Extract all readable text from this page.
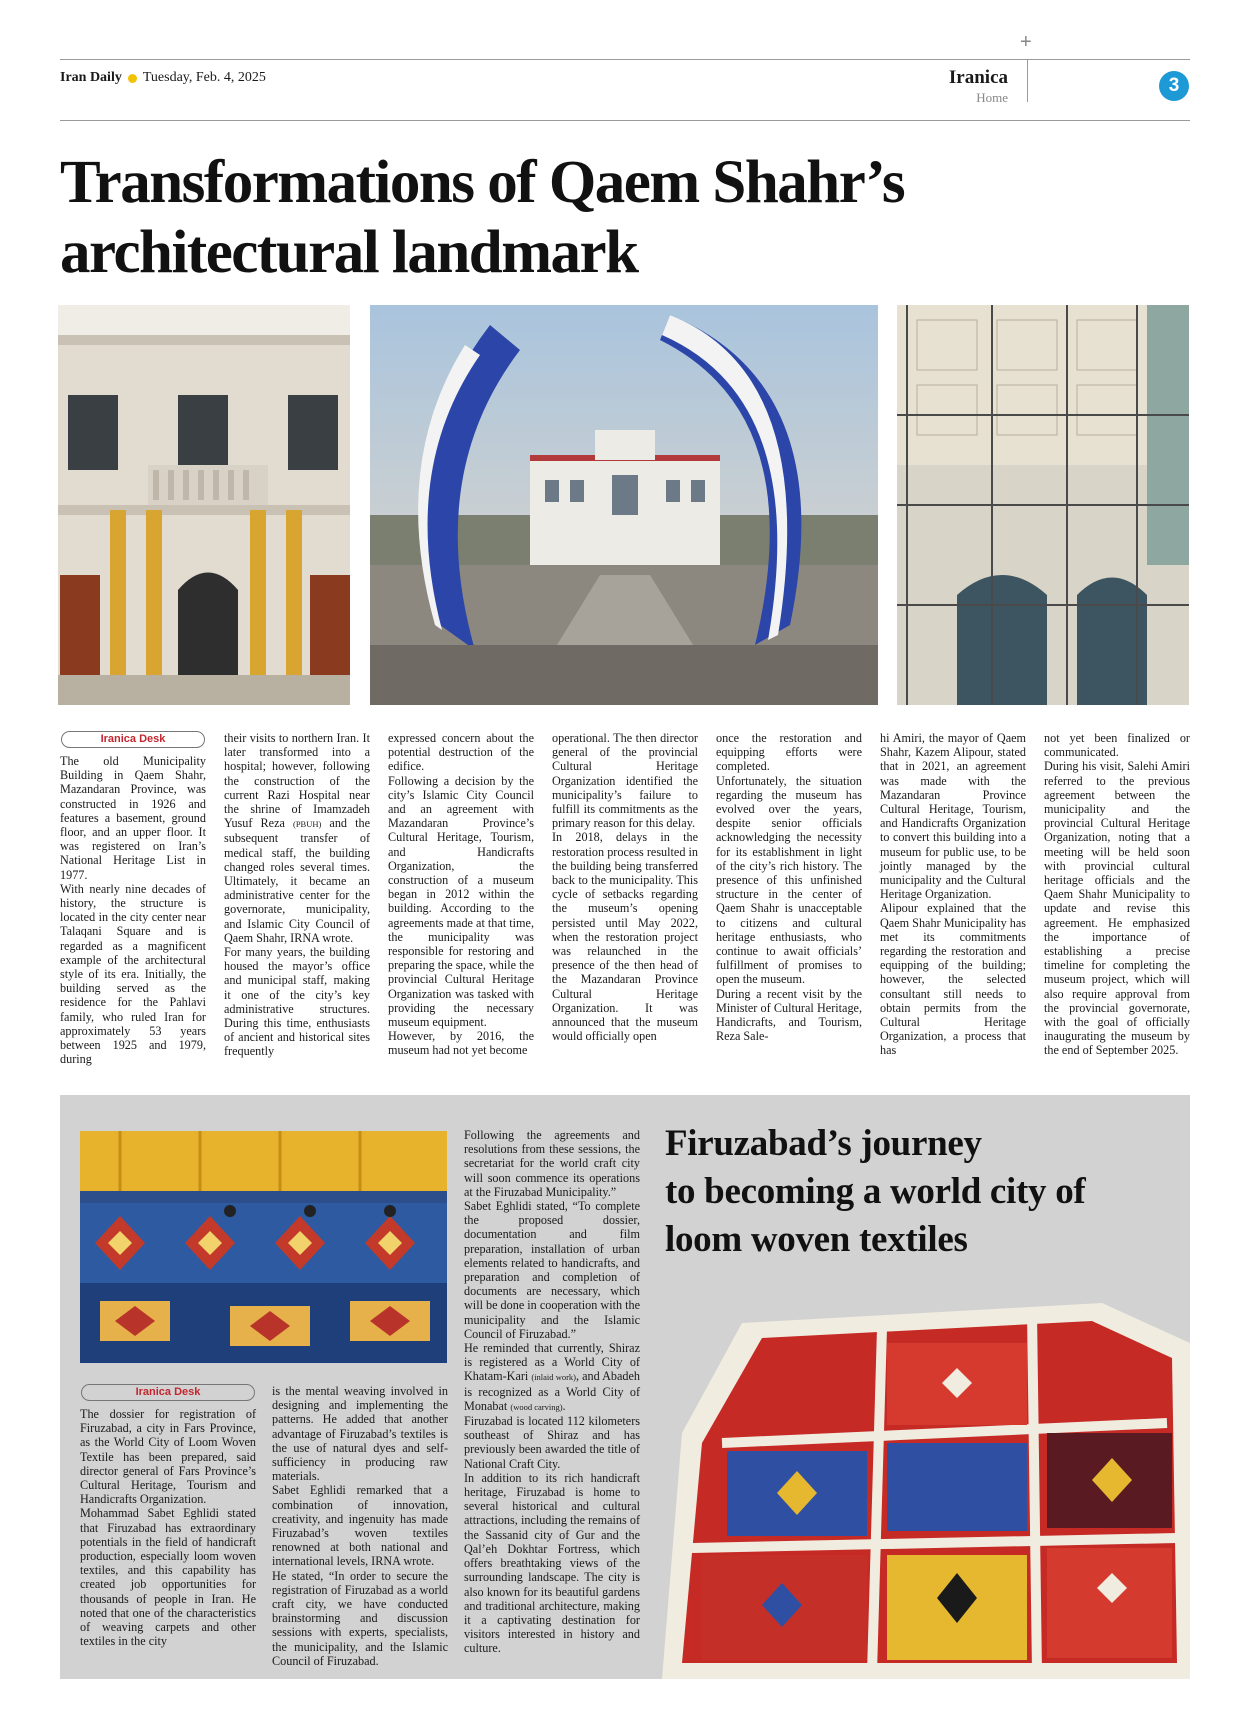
+
Iran Daily Tuesday, Feb. 4, 2025	Iranica
Home
3
Transformations of Qaem Shahr’s
architectural landmark
Iranica Desk

The old Municipality Building in Qaem Shahr, Mazandaran Province, was constructed in 1926 and features a basement, ground floor, and an upper floor. It was registered on Iran’s National Heritage List in 1977.

With nearly nine decades of history, the structure is located in the city center near Talaqani Square and is regarded as a magnificent example of the architectural style of its era. Initially, the building served as the residence for the Pahlavi family, who ruled Iran for approximately 53 years between 1925 and 1979, during

their visits to northern Iran. It later transformed into a hospital; however, following the construction of the current Razi Hospital near the shrine of Imamzadeh Yusuf Reza (PBUH) and the subsequent transfer of medical staff, the building changed roles several times. Ultimately, it became an administrative center for the governorate, municipality, and Islamic City Council of Qaem Shahr, IRNA wrote.

For many years, the building housed the mayor’s office and municipal staff, making it one of the city’s key administrative structures. During this time, enthusiasts of ancient and historical sites frequently

expressed concern about the potential destruction of the edifice.

Following a decision by the city’s Islamic City Council and an agreement with Mazandaran Province’s Cultural Heritage, Tourism, and Handicrafts Organization, the construction of a museum began in 2012 within the building. According to the agreements made at that time, the municipality was responsible for restoring and preparing the space, while the provincial Cultural Heritage Organization was tasked with providing the necessary museum equipment.

However, by 2016, the museum had not yet become

operational. The then director general of the provincial Cultural Heritage Organization identified the municipality’s failure to fulfill its commitments as the primary reason for this delay.

In 2018, delays in the restoration process resulted in the building being transferred back to the municipality. This cycle of setbacks regarding the museum’s opening persisted until May 2022, when the restoration project was relaunched in the presence of the then head of the Mazandaran Province Cultural Heritage Organization. It was announced that the museum would officially open

once the restoration and equipping efforts were completed.

Unfortunately, the situation regarding the museum has evolved over the years, despite senior officials acknowledging the necessity for its establishment in light of the city’s rich history. The presence of this unfinished structure in the center of Qaem Shahr is unacceptable to citizens and cultural heritage enthusiasts, who continue to await officials’ fulfillment of promises to open the museum.

During a recent visit by the Minister of Cultural Heritage, Handicrafts, and Tourism, Reza Sale-

hi Amiri, the mayor of Qaem Shahr, Kazem Alipour, stated that in 2021, an agreement was made with the Mazandaran Province Cultural Heritage, Tourism, and Handicrafts Organization to convert this building into a museum for public use, to be jointly managed by the municipality and the Cultural Heritage Organization.

Alipour explained that the Qaem Shahr Municipality has met its commitments regarding the restoration and equipping of the building; however, the selected consultant still needs to obtain permits from the Cultural Heritage Organization, a process that has

not yet been finalized or communicated.

During his visit, Salehi Amiri referred to the previous agreement between the municipality and the provincial Cultural Heritage Organization, noting that a meeting will be held soon with provincial cultural heritage officials and the Qaem Shahr Municipality to update and revise this agreement. He emphasized the importance of establishing a precise timeline for completing the museum project, which will also require approval from the provincial governorate, with the goal of officially inaugurating the museum by the end of September 2025.

Firuzabad’s journey
to becoming a world city of
loom woven textiles
Iranica Desk

The dossier for registration of Firuzabad, a city in Fars Province, as the World City of Loom Woven Textile has been prepared, said director general of Fars Province’s Cultural Heritage, Tourism and Handicrafts Organization.

Mohammad Sabet Eghlidi stated that Firuzabad has extraordinary potentials in the field of handicraft production, especially loom woven textiles, and this capability has created job opportunities for thousands of people in Iran. He noted that one of the characteristics of weaving carpets and other textiles in the city

is the mental weaving involved in designing and implementing the patterns. He added that another advantage of Firuzabad’s textiles is the use of natural dyes and self-sufficiency in producing raw materials.

Sabet Eghlidi remarked that a combination of innovation, creativity, and ingenuity has made Firuzabad’s woven textiles renowned at both national and international levels, IRNA wrote.

He stated, “In order to secure the registration of Firuzabad as a world craft city, we have conducted brainstorming and discussion sessions with experts, specialists, the municipality, and the Islamic Council of Firuzabad.

Following the agreements and resolutions from these sessions, the secretariat for the world craft city will soon commence its operations at the Firuzabad Municipality.”

Sabet Eghlidi stated, “To complete the proposed dossier, documentation and film preparation, installation of urban elements related to handicrafts, and preparation and completion of documents are necessary, which will be done in cooperation with the municipality and the Islamic Council of Firuzabad.”

He reminded that currently, Shiraz is registered as a World City of Khatam-Kari (inlaid work), and Abadeh is recognized as a World City of Monabat (wood carving).

Firuzabad is located 112 kilometers southeast of Shiraz and has previously been awarded the title of National Craft City.

In addition to its rich handicraft heritage, Firuzabad is home to several historical and cultural attractions, including the remains of the Sassanid city of Gur and the Qal’eh Dokhtar Fortress, which offers breathtaking views of the surrounding landscape. The city is also known for its beautiful gardens and traditional architecture, making it a captivating destination for visitors interested in history and culture.
